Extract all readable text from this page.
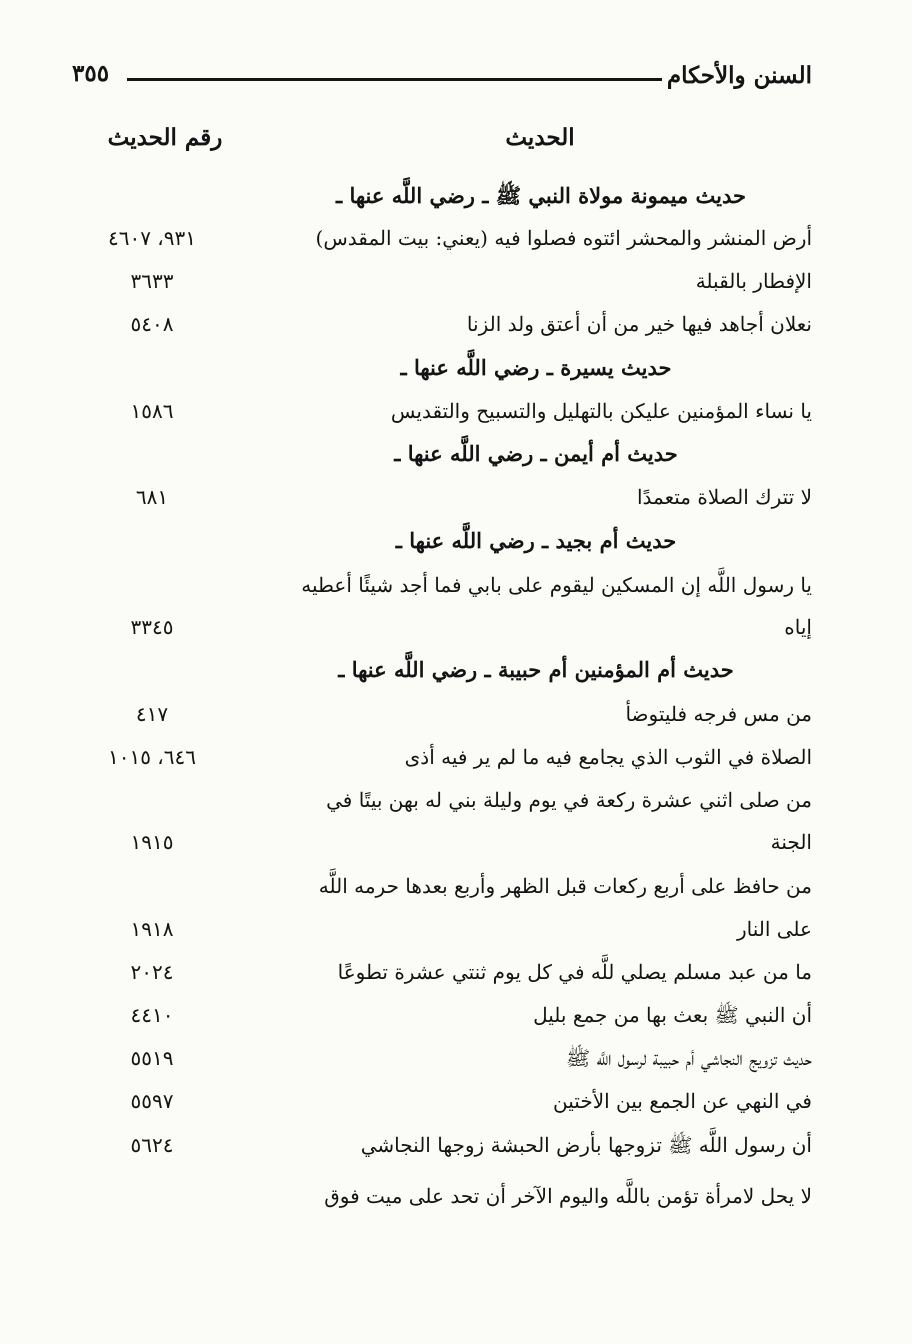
السنن والأحكام
٣٥٥
الحديث
رقم الحديث
حديث ميمونة مولاة النبي ﷺ ـ رضي اللَّه عنها ـ
أرض المنشر والمحشر ائتوه فصلوا فيه (يعني: بيت المقدس)
٩٣١، ٤٦٠٧
الإفطار بالقبلة
٣٦٣٣
نعلان أجاهد فيها خير من أن أعتق ولد الزنا
٥٤٠٨
حديث يسيرة ـ رضي اللَّه عنها ـ
يا نساء المؤمنين عليكن بالتهليل والتسبيح والتقديس
١٥٨٦
حديث أم أيمن ـ رضي اللَّه عنها ـ
لا تترك الصلاة متعمدًا
٦٨١
حديث أم بجيد ـ رضي اللَّه عنها ـ
يا رسول اللَّه إن المسكين ليقوم على بابي فما أجد شيئًا أعطيه
إياه
٣٣٤٥
حديث أم المؤمنين أم حبيبة ـ رضي اللَّه عنها ـ
من مس فرجه فليتوضأ
٤١٧
الصلاة في الثوب الذي يجامع فيه ما لم ير فيه أذى
٦٤٦، ١٠١٥
من صلى اثني عشرة ركعة في يوم وليلة بني له بهن بيتًا في
الجنة
١٩١٥
من حافظ على أربع ركعات قبل الظهر وأربع بعدها حرمه اللَّه
على النار
١٩١٨
ما من عبد مسلم يصلي للَّه في كل يوم ثنتي عشرة تطوعًا
٢٠٢٤
أن النبي ﷺ بعث بها من جمع بليل
٤٤١٠
حديث تزويج النجاشي أم حبيبة لرسول اللَّه ﷺ
٥٥١٩
في النهي عن الجمع بين الأختين
٥٥٩٧
أن رسول اللَّه ﷺ تزوجها بأرض الحبشة زوجها النجاشي
٥٦٢٤
لا يحل لامرأة تؤمن باللَّه واليوم الآخر أن تحد على ميت فوق
